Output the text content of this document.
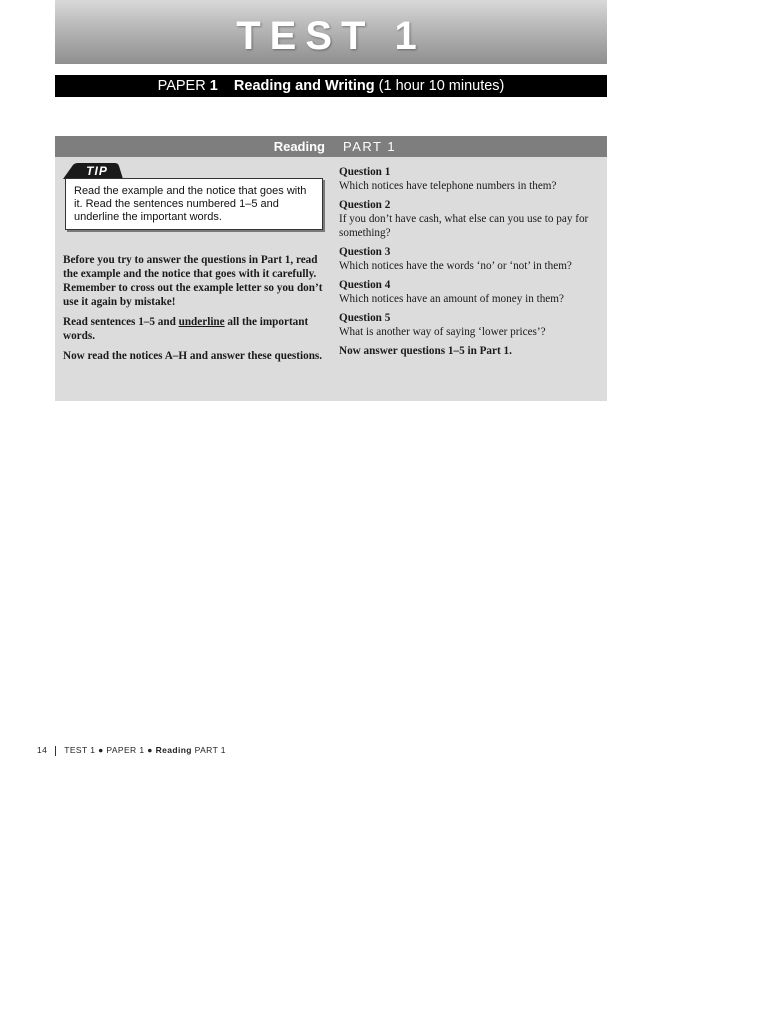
TEST 1
PAPER 1 Reading and Writing (1 hour 10 minutes)
Reading PART 1
TIP
Read the example and the notice that goes with it. Read the sentences numbered 1–5 and underline the important words.

Before you try to answer the questions in Part 1, read the example and the notice that goes with it carefully. Remember to cross out the example letter so you don’t use it again by mistake!

Read sentences 1–5 and underline all the important words.

Now read the notices A–H and answer these questions.

Question 1
Which notices have telephone numbers in them?
Question 2
If you don’t have cash, what else can you use to pay for something?
Question 3
Which notices have the words ‘no’ or ‘not’ in them?
Question 4
Which notices have an amount of money in them?
Question 5
What is another way of saying ‘lower prices’?
Now answer questions 1–5 in Part 1.
14 TEST 1 ● PAPER 1 ● Reading PART 1
